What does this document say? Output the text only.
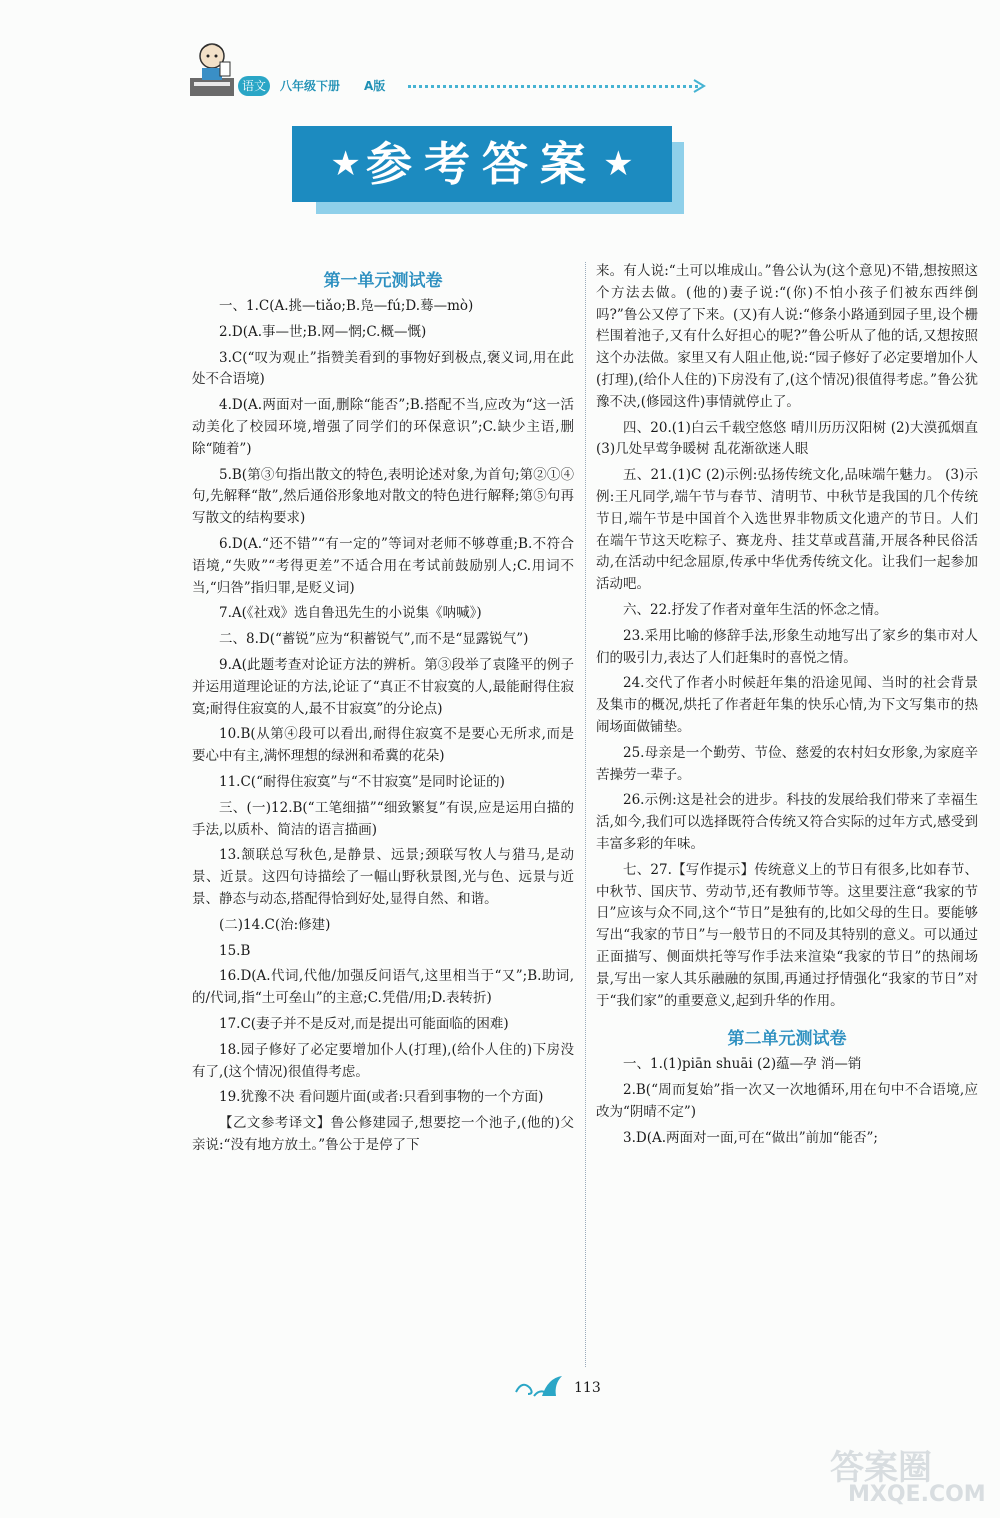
语文	八年级下册 A版
★ 参考答案 ★
第一单元测试卷

一、1.C(A.挑—tiǎo;B.凫—fú;D.蓦—mò)

2.D(A.事—世;B.网—惘;C.概—慨)

3.C(“叹为观止”指赞美看到的事物好到极点,褒义词,用在此处不合语境)

4.D(A.两面对一面,删除“能否”;B.搭配不当,应改为“这一活动美化了校园环境,增强了同学们的环保意识”;C.缺少主语,删除“随着”)

5.B(第③句指出散文的特色,表明论述对象,为首句;第②①④句,先解释“散”,然后通俗形象地对散文的特色进行解释;第⑤句再写散文的结构要求)

6.D(A.“还不错”“有一定的”等词对老师不够尊重;B.不符合语境,“失败”“考得更差”不适合用在考试前鼓励别人;C.用词不当,“归咎”指归罪,是贬义词)

7.A(《社戏》选自鲁迅先生的小说集《呐喊》)

二、8.D(“蓄锐”应为“积蓄锐气”,而不是“显露锐气”)

9.A(此题考查对论证方法的辨析。第③段举了袁隆平的例子并运用道理论证的方法,论证了“真正不甘寂寞的人,最能耐得住寂寞;耐得住寂寞的人,最不甘寂寞”的分论点)

10.B(从第④段可以看出,耐得住寂寞不是要心无所求,而是要心中有主,满怀理想的绿洲和希冀的花朵)

11.C(“耐得住寂寞”与“不甘寂寞”是同时论证的)

三、(一)12.B(“工笔细描”“细致繁复”有误,应是运用白描的手法,以质朴、简洁的语言描画)

13.颔联总写秋色,是静景、远景;颈联写牧人与猎马,是动景、近景。这四句诗描绘了一幅山野秋景图,光与色、远景与近景、静态与动态,搭配得恰到好处,显得自然、和谐。

(二)14.C(治:修建)

15.B

16.D(A.代词,代他/加强反问语气,这里相当于“又”;B.助词,的/代词,指“土可垒山”的主意;C.凭借/用;D.表转折)

17.C(妻子并不是反对,而是提出可能面临的困难)

18.园子修好了必定要增加仆人(打理),(给仆人住的)下房没有了,(这个情况)很值得考虑。

19.犹豫不决 看问题片面(或者:只看到事物的一个方面)

【乙文参考译文】鲁公修建园子,想要挖一个池子,(他的)父亲说:“没有地方放土。”鲁公于是停了下

来。有人说:“土可以堆成山。”鲁公认为(这个意见)不错,想按照这个方法去做。(他的)妻子说:“(你)不怕小孩子们被东西绊倒吗?”鲁公又停了下来。(又)有人说:“修条小路通到园子里,设个栅栏围着池子,又有什么好担心的呢?”鲁公听从了他的话,又想按照这个办法做。家里又有人阻止他,说:“园子修好了必定要增加仆人(打理),(给仆人住的)下房没有了,(这个情况)很值得考虑。”鲁公犹豫不决,(修园这件)事情就停止了。

四、20.(1)白云千载空悠悠 晴川历历汉阳树 (2)大漠孤烟直 (3)几处早莺争暖树 乱花渐欲迷人眼

五、21.(1)C (2)示例:弘扬传统文化,品味端午魅力。 (3)示例:王凡同学,端午节与春节、清明节、中秋节是我国的几个传统节日,端午节是中国首个入选世界非物质文化遗产的节日。人们在端午节这天吃粽子、赛龙舟、挂艾草或菖蒲,开展各种民俗活动,在活动中纪念屈原,传承中华优秀传统文化。让我们一起参加活动吧。

六、22.抒发了作者对童年生活的怀念之情。

23.采用比喻的修辞手法,形象生动地写出了家乡的集市对人们的吸引力,表达了人们赶集时的喜悦之情。

24.交代了作者小时候赶年集的沿途见闻、当时的社会背景及集市的概况,烘托了作者赶年集的快乐心情,为下文写集市的热闹场面做铺垫。

25.母亲是一个勤劳、节俭、慈爱的农村妇女形象,为家庭辛苦操劳一辈子。

26.示例:这是社会的进步。科技的发展给我们带来了幸福生活,如今,我们可以选择既符合传统又符合实际的过年方式,感受到丰富多彩的年味。

七、27.【写作提示】传统意义上的节日有很多,比如春节、中秋节、国庆节、劳动节,还有教师节等。这里要注意“我家的节日”应该与众不同,这个“节日”是独有的,比如父母的生日。要能够写出“我家的节日”与一般节日的不同及其特别的意义。可以通过正面描写、侧面烘托等写作手法来渲染“我家的节日”的热闹场景,写出一家人其乐融融的氛围,再通过抒情强化“我家的节日”对于“我们家”的重要意义,起到升华的作用。

第二单元测试卷

一、1.(1)piān shuāi (2)蕴—孕 消—销

2.B(“周而复始”指一次又一次地循环,用在句中不合语境,应改为“阴晴不定”)

3.D(A.两面对一面,可在“做出”前加“能否”;

113
答案圈
MXQE.COM
